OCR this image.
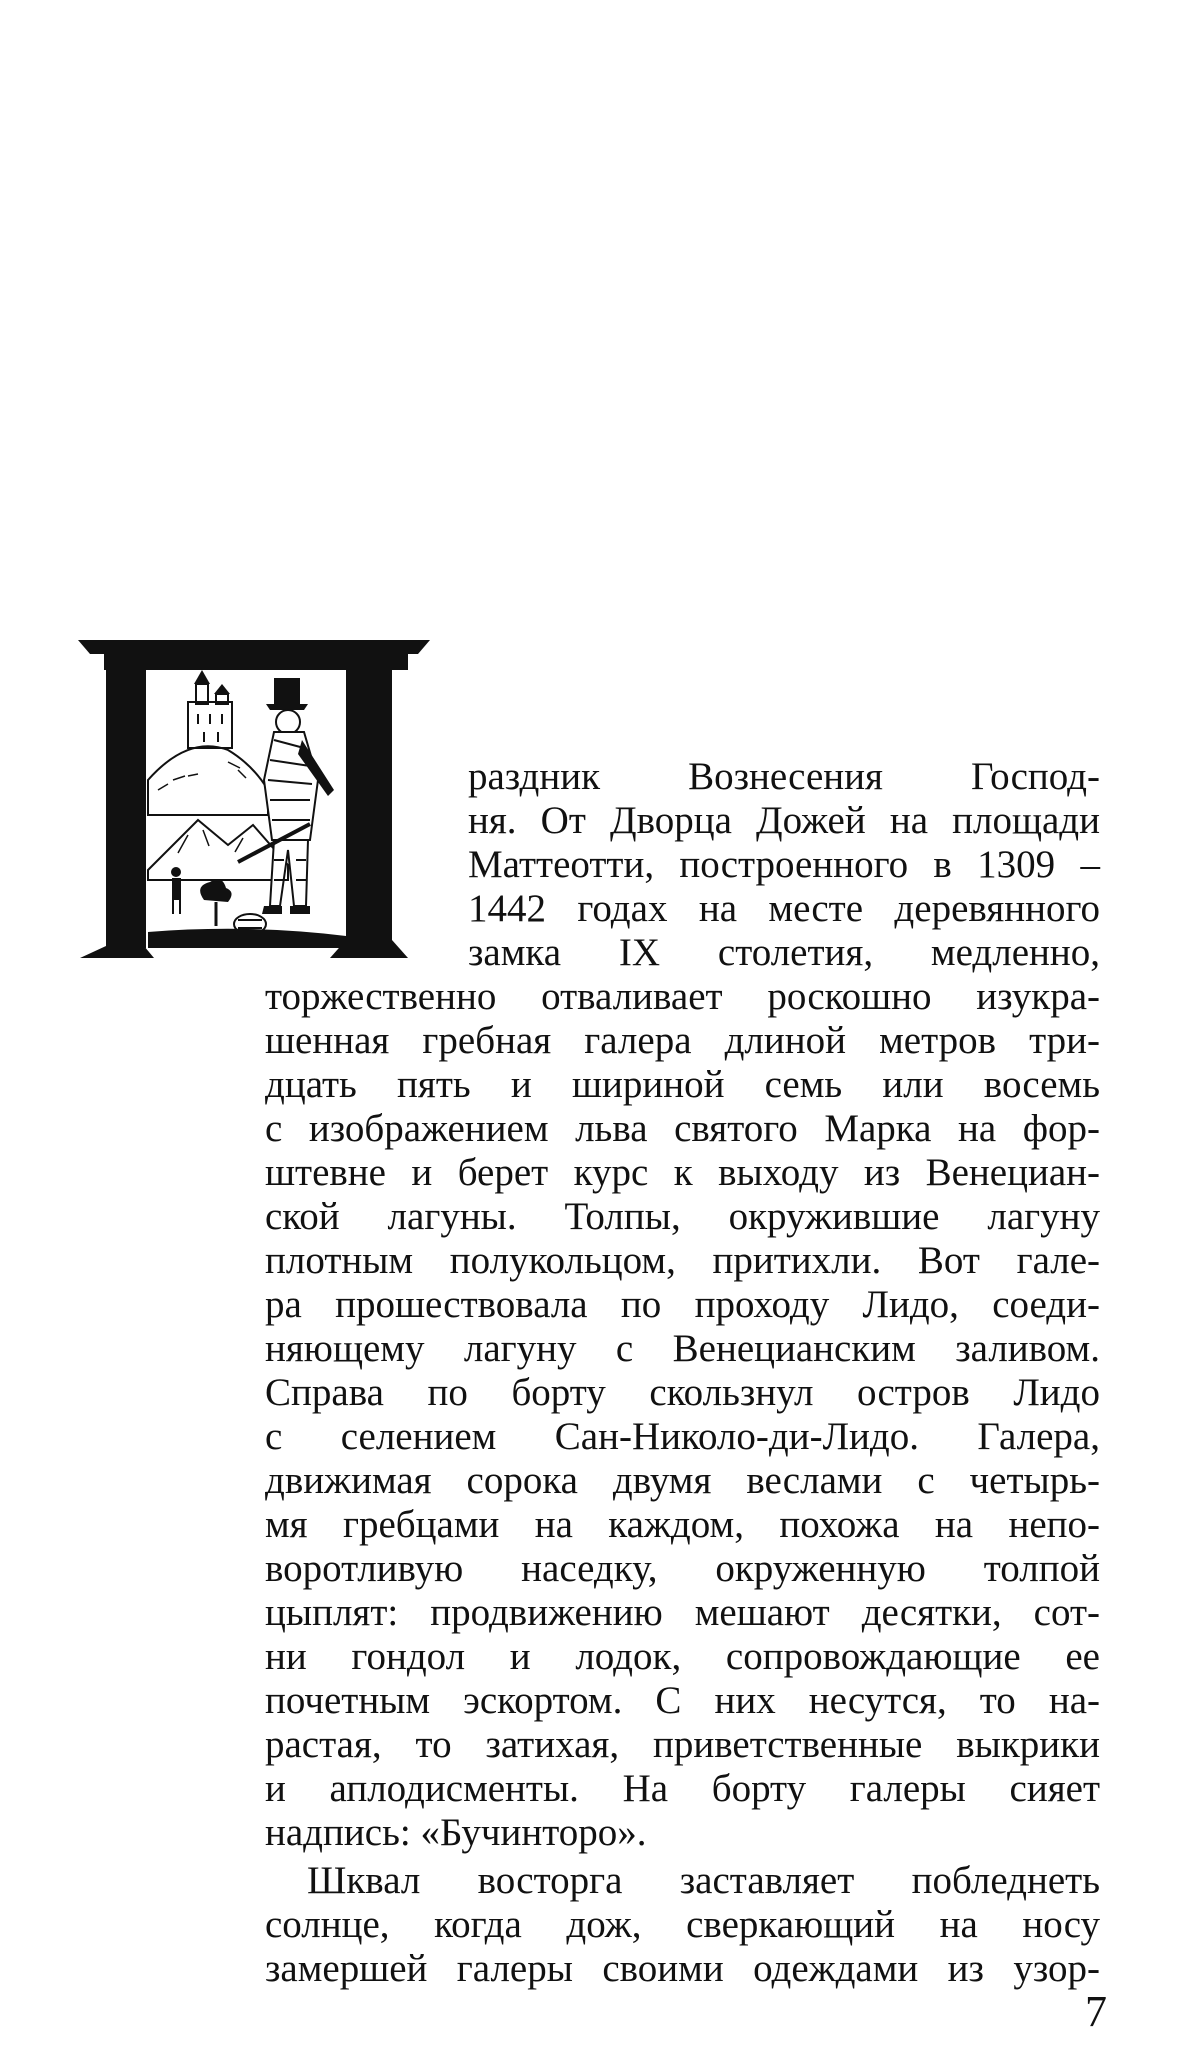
раздник Вознесения Господ-
ня. От Дворца Дожей на площади
Маттеотти, построенного в 1309 –
1442 годах на месте деревянного
замка IX столетия, медленно,
торжественно отваливает роскошно изукра-
шенная гребная галера длиной метров три-
дцать пять и шириной семь или восемь
с изображением льва святого Марка на фор-
штевне и берет курс к выходу из Венециан-
ской лагуны. Толпы, окружившие лагуну
плотным полукольцом, притихли. Вот гале-
ра прошествовала по проходу Лидо, соеди-
няющему лагуну с Венецианским заливом.
Справа по борту скользнул остров Лидо
с селением Сан-Николо-ди-Лидо. Галера,
движимая сорока двумя веслами с четырь-
мя гребцами на каждом, похожа на непо-
воротливую наседку, окруженную толпой
цыплят: продвижению мешают десятки, сот-
ни гондол и лодок, сопровождающие ее
почетным эскортом. С них несутся, то на-
растая, то затихая, приветственные выкрики
и аплодисменты. На борту галеры сияет
надпись: «Бучинторо».
Шквал восторга заставляет побледнеть
солнце, когда дож, сверкающий на носу
замершей галеры своими одеждами из узор-
7
